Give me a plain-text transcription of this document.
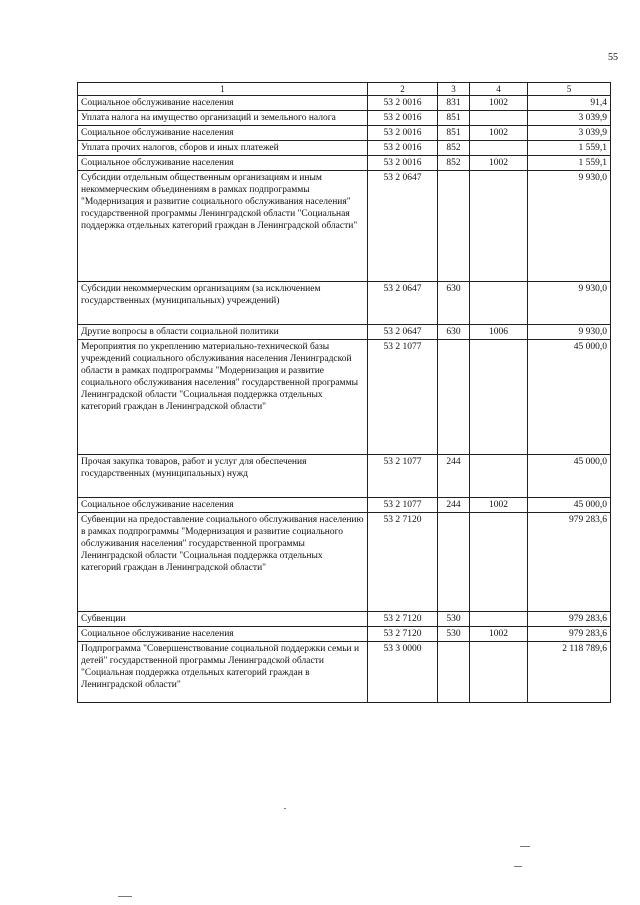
55
1	2	3	4	5
Социальное обслуживание населения	53 2 0016	831	1002	91,4
Уплата налога на имущество организаций и земельного налога	53 2 0016	851		3 039,9
Социальное обслуживание населения	53 2 0016	851	1002	3 039,9
Уплата прочих налогов, сборов и иных платежей	53 2 0016	852		1 559,1
Социальное обслуживание населения	53 2 0016	852	1002	1 559,1
Субсидии отдельным общественным организациям и иным некоммерческим объединениям в рамках подпрограммы "Модернизация и развитие социального обслуживания населения" государственной программы Ленинградской области "Социальная поддержка отдельных категорий граждан в Ленинградской области"	53 2 0647			9 930,0
Субсидии некоммерческим организациям (за исключением государственных (муниципальных) учреждений)	53 2 0647	630		9 930,0
Другие вопросы в области социальной политики	53 2 0647	630	1006	9 930,0
Мероприятия по укреплению материально-технической базы учреждений социального обслуживания населения Ленинградской области в рамках подпрограммы "Модернизация и развитие социального обслуживания населения" государственной программы Ленинградской области "Социальная поддержка отдельных категорий граждан в Ленинградской области"	53 2 1077			45 000,0
Прочая закупка товаров, работ и услуг для обеспечения государственных (муниципальных) нужд	53 2 1077	244		45 000,0
Социальное обслуживание населения	53 2 1077	244	1002	45 000,0
Субвенции на предоставление социального обслуживания населению в рамках подпрограммы "Модернизация и развитие социального обслуживания населения" государственной программы Ленинградской области "Социальная поддержка отдельных категорий граждан в Ленинградской области"	53 2 7120			979 283,6
Субвенции	53 2 7120	530		979 283,6
Социальное обслуживание населения	53 2 7120	530	1002	979 283,6
Подпрограмма "Совершенствование социальной поддержки семьи и детей" государственной программы Ленинградской области "Социальная поддержка отдельных категорий граждан в Ленинградской области"	53 3 0000			2 118 789,6
